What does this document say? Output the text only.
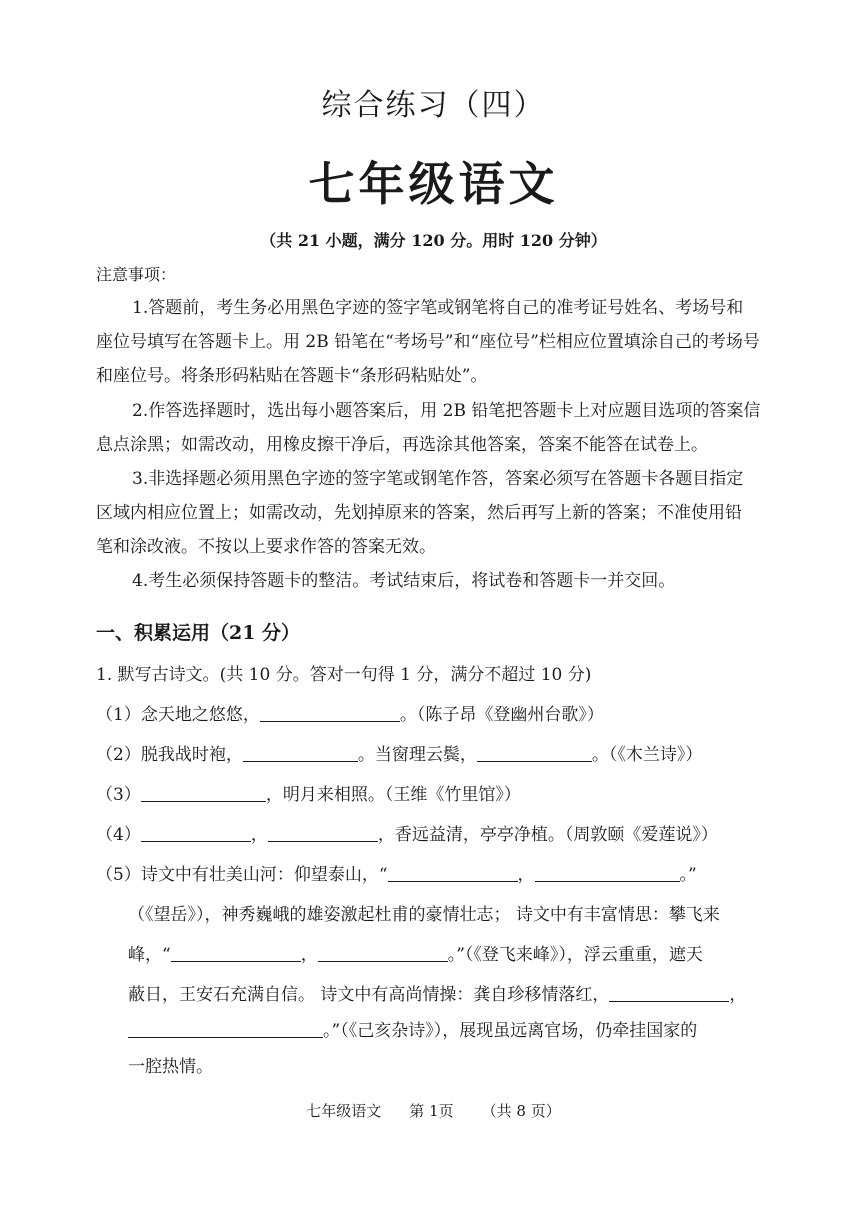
综合练习（四）
七年级语文
（共 21 小题，满分 120 分。用时 120 分钟）
注意事项：
1.答题前，考生务必用黑色字迹的签字笔或钢笔将自己的准考证号姓名、考场号和
座位号填写在答题卡上。用 2B 铅笔在“考场号”和“座位号”栏相应位置填涂自己的考场号
和座位号。将条形码粘贴在答题卡“条形码粘贴处”。
2.作答选择题时，选出每小题答案后，用 2B 铅笔把答题卡上对应题目选项的答案信
息点涂黑；如需改动，用橡皮擦干净后，再选涂其他答案，答案不能答在试卷上。
3.非选择题必须用黑色字迹的签字笔或钢笔作答，答案必须写在答题卡各题目指定
区域内相应位置上；如需改动，先划掉原来的答案，然后再写上新的答案；不准使用铅
笔和涂改液。不按以上要求作答的答案无效。
4.考生必须保持答题卡的整洁。考试结束后，将试卷和答题卡一并交回。
一、积累运用（21 分）
1. 默写古诗文。(共 10 分。答对一句得 1 分，满分不超过 10 分)
（1）念天地之悠悠，	。（陈子昂《登幽州台歌》）
（2）脱我战时袍，	。当窗理云鬓，	。（《木兰诗》）
（3）	，明月来相照。（王维《竹里馆》）
（4）	，	，香远益清，亭亭净植。（周敦颐《爱莲说》）
（5）诗文中有壮美山河：仰望泰山，“	，	。”
（《望岳》），神秀巍峨的雄姿激起杜甫的豪情壮志； 诗文中有丰富情思：攀飞来
峰，“	，	。”（《登飞来峰》），浮云重重，遮天
蔽日，王安石充满自信。 诗文中有高尚情操：龚自珍移情落红，	，
。”（《己亥杂诗》），展现虽远离官场，仍牵挂国家的
一腔热情。
七年级语文 第 1页 （共 8 页）
